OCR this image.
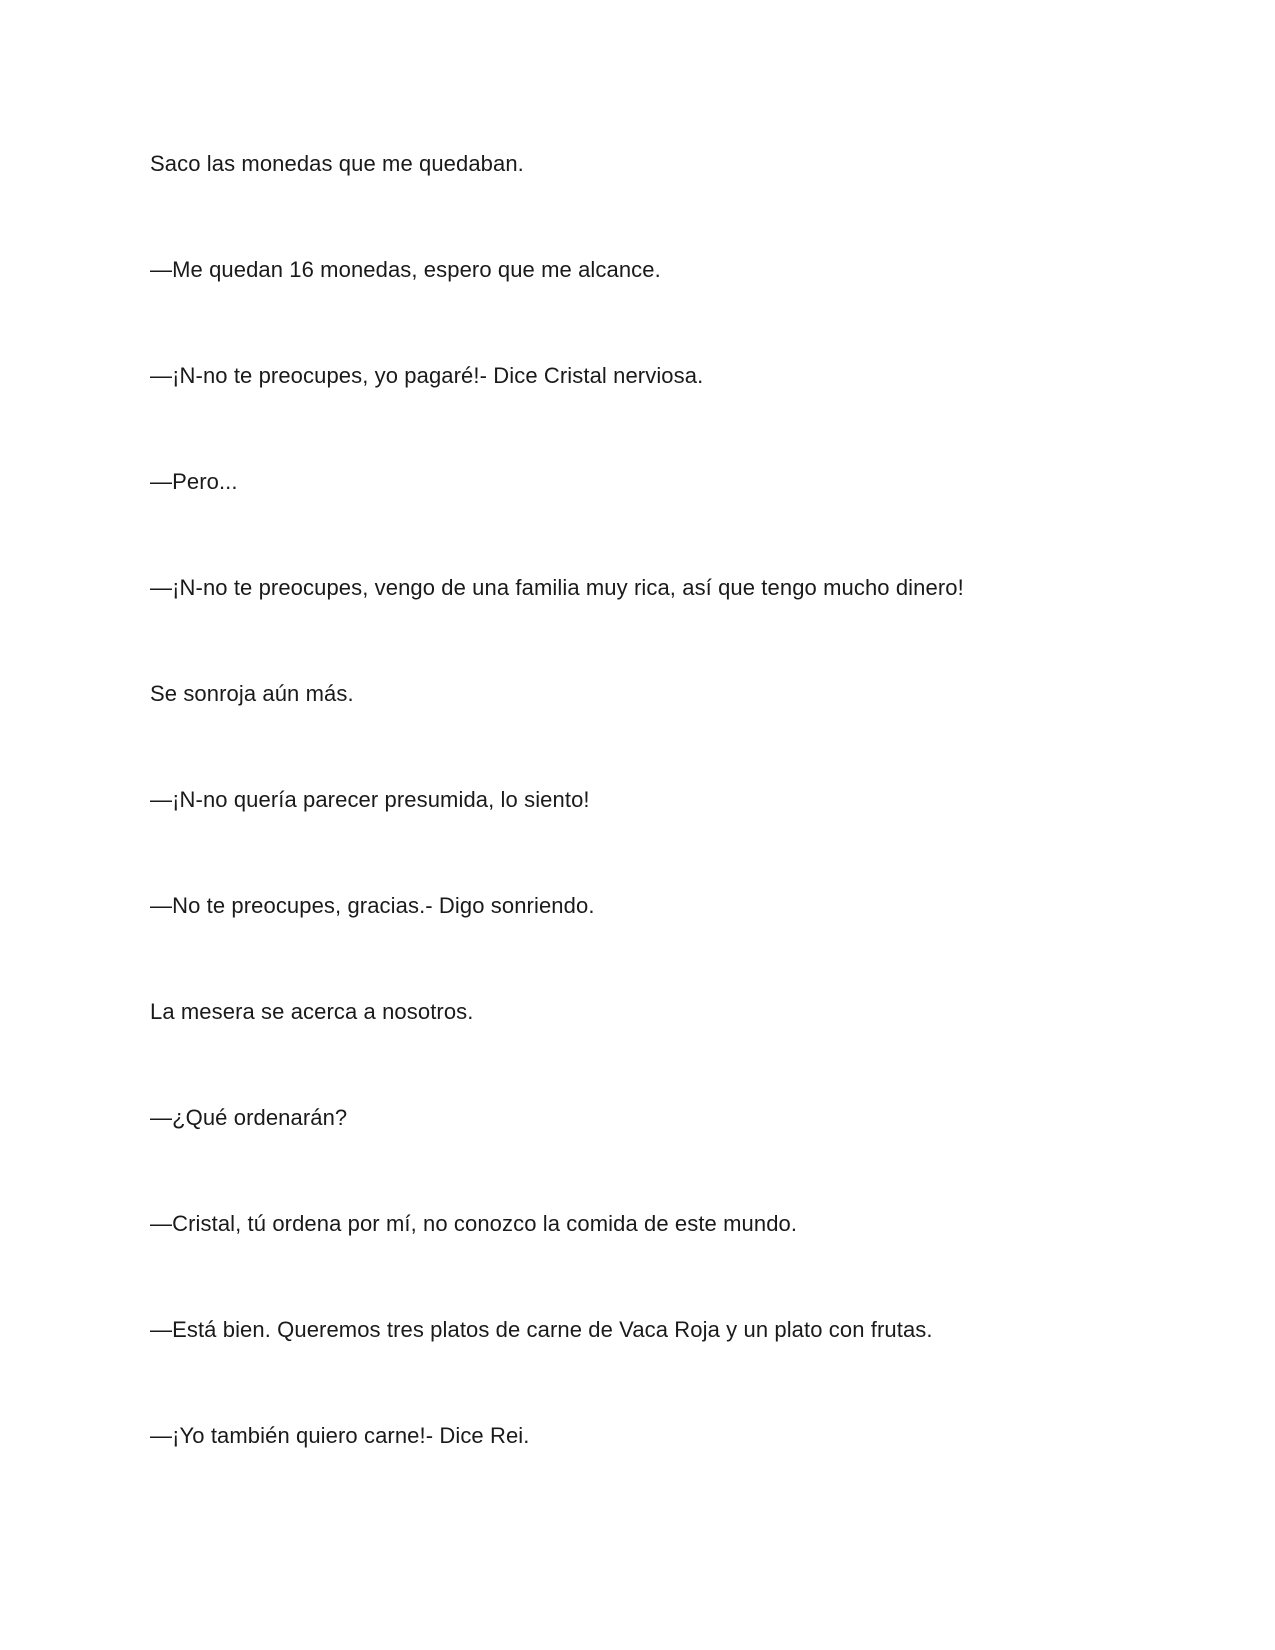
Saco las monedas que me quedaban.

—Me quedan 16 monedas, espero que me alcance.

—¡N-no te preocupes, yo pagaré!- Dice Cristal nerviosa.

—Pero...

—¡N-no te preocupes, vengo de una familia muy rica, así que tengo mucho dinero!

Se sonroja aún más.

—¡N-no quería parecer presumida, lo siento!

—No te preocupes, gracias.- Digo sonriendo.

La mesera se acerca a nosotros.

—¿Qué ordenarán?

—Cristal, tú ordena por mí, no conozco la comida de este mundo.

—Está bien. Queremos tres platos de carne de Vaca Roja y un plato con frutas.

—¡Yo también quiero carne!- Dice Rei.
